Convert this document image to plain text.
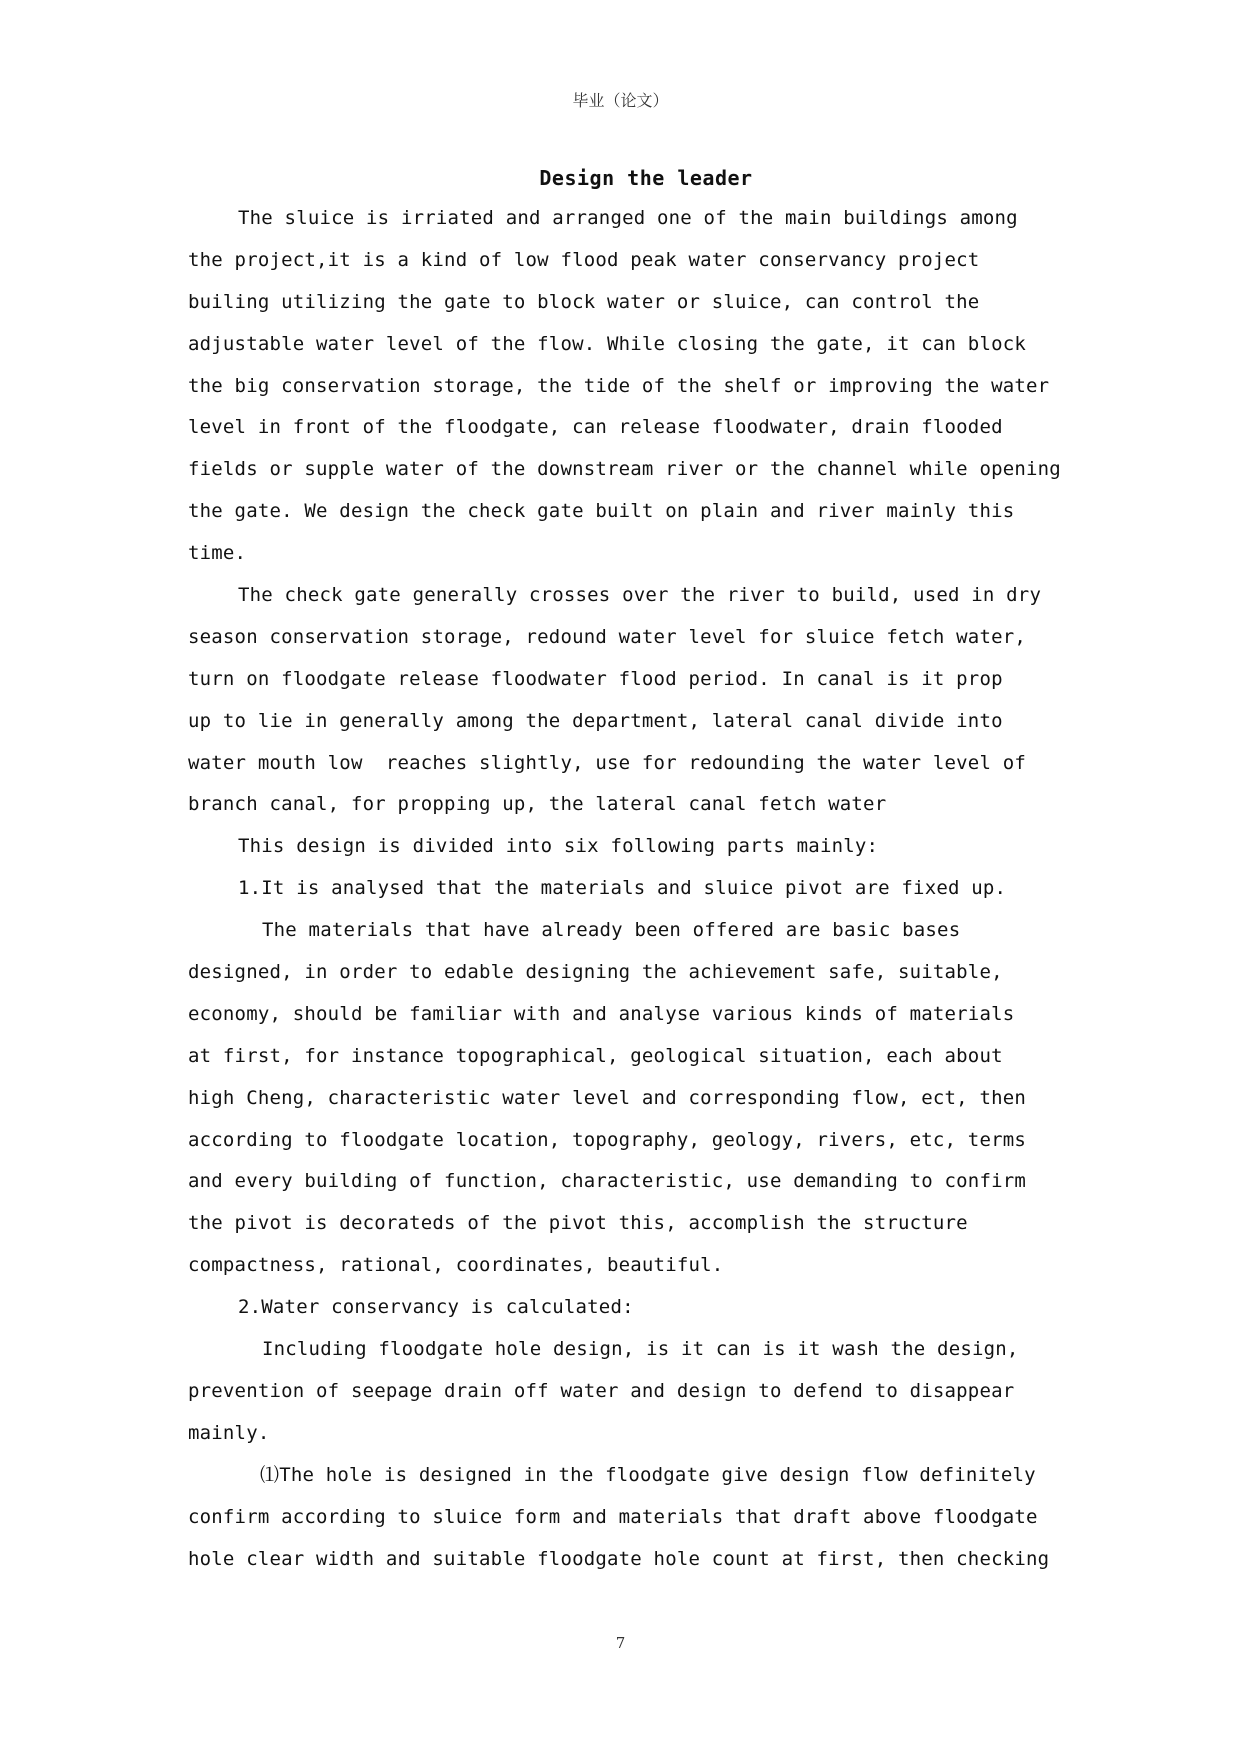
毕业（论文）
Design the leader
The sluice is irriated and arranged one of the main buildings among
the project,it is a kind of low flood peak water conservancy project
builing utilizing the gate to block water or sluice, can control the
adjustable water level of the flow. While closing the gate, it can block
the big conservation storage, the tide of the shelf or improving the water
level in front of the floodgate, can release floodwater, drain flooded
fields or supple water of the downstream river or the channel while opening
the gate. We design the check gate built on plain and river mainly this
time.
The check gate generally crosses over the river to build, used in dry
season conservation storage, redound water level for sluice fetch water,
turn on floodgate release floodwater flood period. In canal is it prop
up to lie in generally among the department, lateral canal divide into
water mouth low  reaches slightly, use for redounding the water level of
branch canal, for propping up, the lateral canal fetch water
This design is divided into six following parts mainly:
1.It is analysed that the materials and sluice pivot are fixed up.
The materials that have already been offered are basic bases
designed, in order to edable designing the achievement safe, suitable,
economy, should be familiar with and analyse various kinds of materials
at first, for instance topographical, geological situation, each about
high Cheng, characteristic water level and corresponding flow, ect, then
according to floodgate location, topography, geology, rivers, etc, terms
and every building of function, characteristic, use demanding to confirm
the pivot is decorateds of the pivot this, accomplish the structure
compactness, rational, coordinates, beautiful.
2.Water conservancy is calculated:
Including floodgate hole design, is it can is it wash the design,
prevention of seepage drain off water and design to defend to disappear
mainly.
⑴The hole is designed in the floodgate give design flow definitely
confirm according to sluice form and materials that draft above floodgate
hole clear width and suitable floodgate hole count at first, then checking
7
